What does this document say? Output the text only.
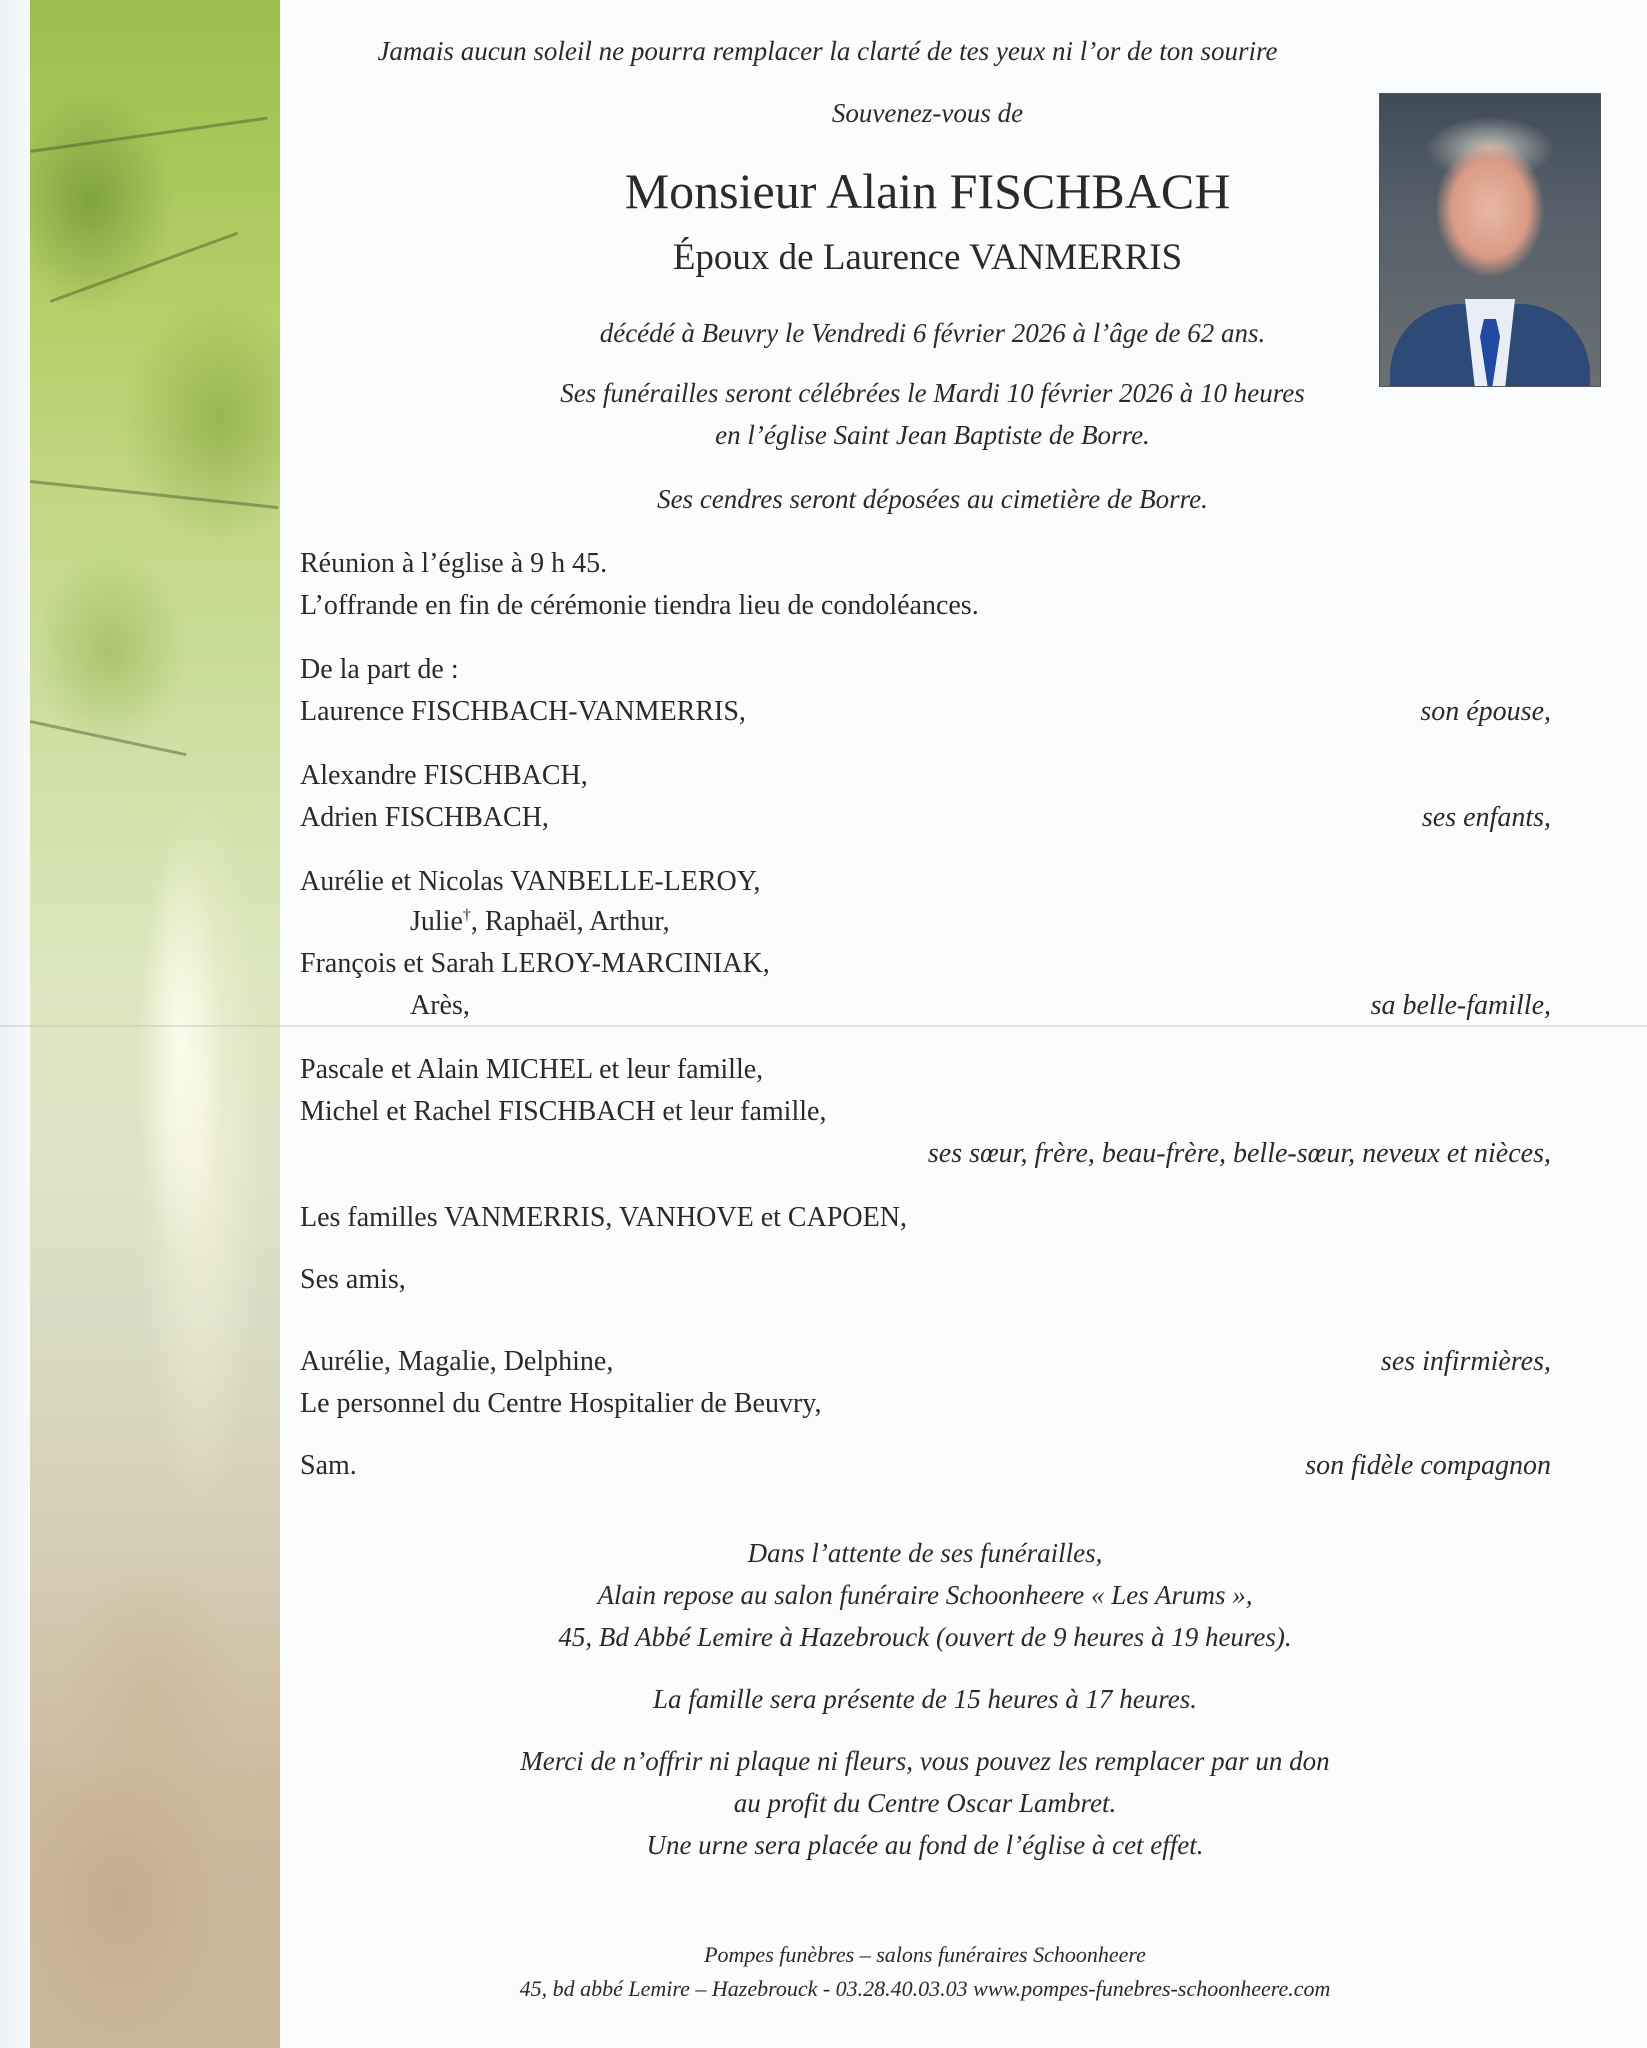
Jamais aucun soleil ne pourra remplacer la clarté de tes yeux ni l’or de ton sourire
Souvenez-vous de
Monsieur Alain FISCHBACH
Époux de Laurence VANMERRIS
décédé à Beuvry le Vendredi 6 février 2026 à l’âge de 62 ans.
Ses funérailles seront célébrées le Mardi 10 février 2026 à 10 heures
en l’église Saint Jean Baptiste de Borre.
Ses cendres seront déposées au cimetière de Borre.
Réunion à l’église à 9 h 45.
L’offrande en fin de cérémonie tiendra lieu de condoléances.
De la part de :
Laurence FISCHBACH-VANMERRIS,	son épouse,
Alexandre FISCHBACH,
Adrien FISCHBACH,	ses enfants,
Aurélie et Nicolas VANBELLE-LEROY,
Julie†, Raphaël, Arthur,
François et Sarah LEROY-MARCINIAK,
Arès,	sa belle-famille,
Pascale et Alain MICHEL et leur famille,
Michel et Rachel FISCHBACH et leur famille,
ses sœur, frère, beau-frère, belle-sœur, neveux et nièces,
Les familles VANMERRIS, VANHOVE et CAPOEN,
Ses amis,
Aurélie, Magalie, Delphine,	ses infirmières,
Le personnel du Centre Hospitalier de Beuvry,
Sam.	son fidèle compagnon
Dans l’attente de ses funérailles,
Alain repose au salon funéraire Schoonheere « Les Arums »,
45, Bd Abbé Lemire à Hazebrouck (ouvert de 9 heures à 19 heures).
La famille sera présente de 15 heures à 17 heures.
Merci de n’offrir ni plaque ni fleurs, vous pouvez les remplacer par un don
au profit du Centre Oscar Lambret.
Une urne sera placée au fond de l’église à cet effet.
Pompes funèbres – salons funéraires Schoonheere
45, bd abbé Lemire – Hazebrouck - 03.28.40.03.03 www.pompes-funebres-schoonheere.com
